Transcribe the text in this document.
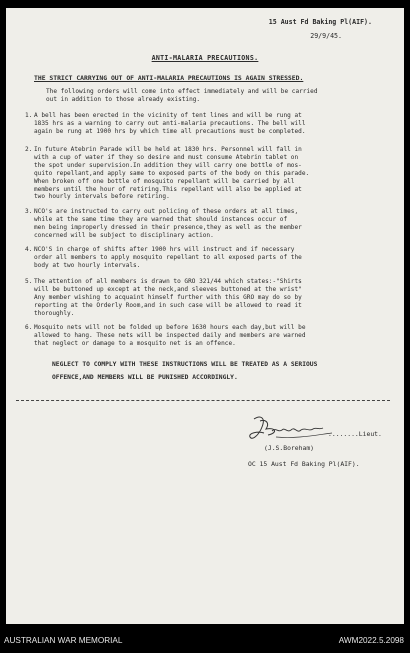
15 Aust Fd Baking Pl(AIF).
29/9/45.
ANTI-MALARIA PRECAUTIONS.
THE STRICT CARRYING OUT OF ANTI-MALARIA PRECAUTIONS IS AGAIN STRESSED.
The following orders will come into effect immediately and will be carried
out in addition to those already existing.
1. A bell has been erected in the vicinity of tent lines and will be rung at
1835 hrs as a warning to carry out anti-malaria precautions. The bell will
again be rung at 1900 hrs by which time all precautions must be completed.
2. In future Atebrin Parade will be held at 1830 hrs. Personnel will fall in
with a cup of water if they so desire and must consume Atebrin tablet on
the spot under supervision.In addition they will carry one bottle of mos-
quito repellant,and apply same to exposed parts of the body on this parade.
When broken off one bottle of mosquito repellant will be carried by all
members until the hour of retiring.This repellant will also be applied at
two hourly intervals before retiring.
3. NCO's are instructed to carry out policing of these orders at all times,
while at the same time they are warned that should instances occur of
men being improperly dressed in their presence,they as well as the member
concerned will be subject to disciplinary action.
4. NCO'S in charge of shifts after 1900 hrs will instruct and if necessary
order all members to apply mosquito repellant to all exposed parts of the
body at two hourly intervals.
5. The attention of all members is drawn to GRO 321/44 which states:-"Shirts
will be buttoned up except at the neck,and sleeves buttoned at the wrist"
Any member wishing to acquaint himself further with this GRO may do so by
reporting at the Orderly Room,and in such case will be allowed to read it
thoroughly.
6. Mosquito nets will not be folded up before 1630 hours each day,but will be
allowed to hang. These nets will be inspected daily and members are warned
that neglect or damage to a mosquito net is an offence.
NEGLECT TO COMPLY WITH THESE INSTRUCTIONS WILL BE TREATED AS A SERIOUS
OFFENCE,AND MEMBERS WILL BE PUNISHED ACCORDINGLY.
........Lieut.
(J.S.Boreham)
OC 15 Aust Fd Baking Pl(AIF).
AUSTRALIAN WAR MEMORIAL	AWM2022.5.2098
